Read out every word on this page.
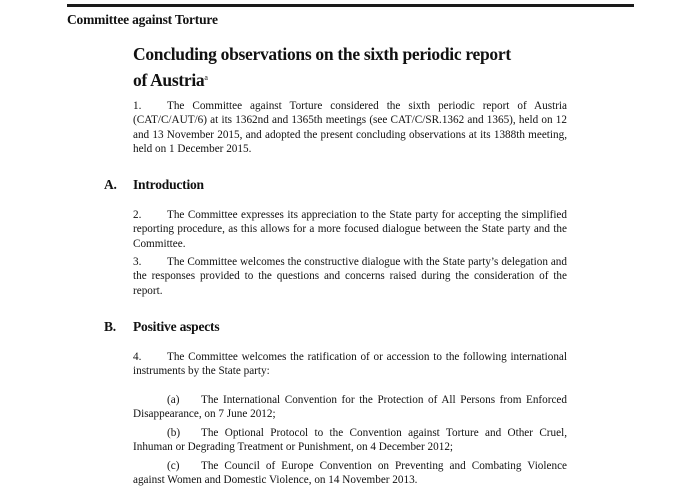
Committee against Torture
Concluding observations on the sixth periodic report
of Austria$^a$
1. The Committee against Torture considered the sixth periodic report of Austria (CAT/C/AUT/6) at its 1362nd and 1365th meetings (see CAT/C/SR.1362 and 1365), held on 12 and 13 November 2015, and adopted the present concluding observations at its 1388th meeting, held on 1 December 2015.
A. Introduction
2. The Committee expresses its appreciation to the State party for accepting the simplified reporting procedure, as this allows for a more focused dialogue between the State party and the Committee.
3. The Committee welcomes the constructive dialogue with the State party’s delegation and the responses provided to the questions and concerns raised during the consideration of the report.
B. Positive aspects
4. The Committee welcomes the ratification of or accession to the following international instruments by the State party:
(a) The International Convention for the Protection of All Persons from Enforced Disappearance, on 7 June 2012;
(b) The Optional Protocol to the Convention against Torture and Other Cruel, Inhuman or Degrading Treatment or Punishment, on 4 December 2012;
(c) The Council of Europe Convention on Preventing and Combating Violence against Women and Domestic Violence, on 14 November 2013.
